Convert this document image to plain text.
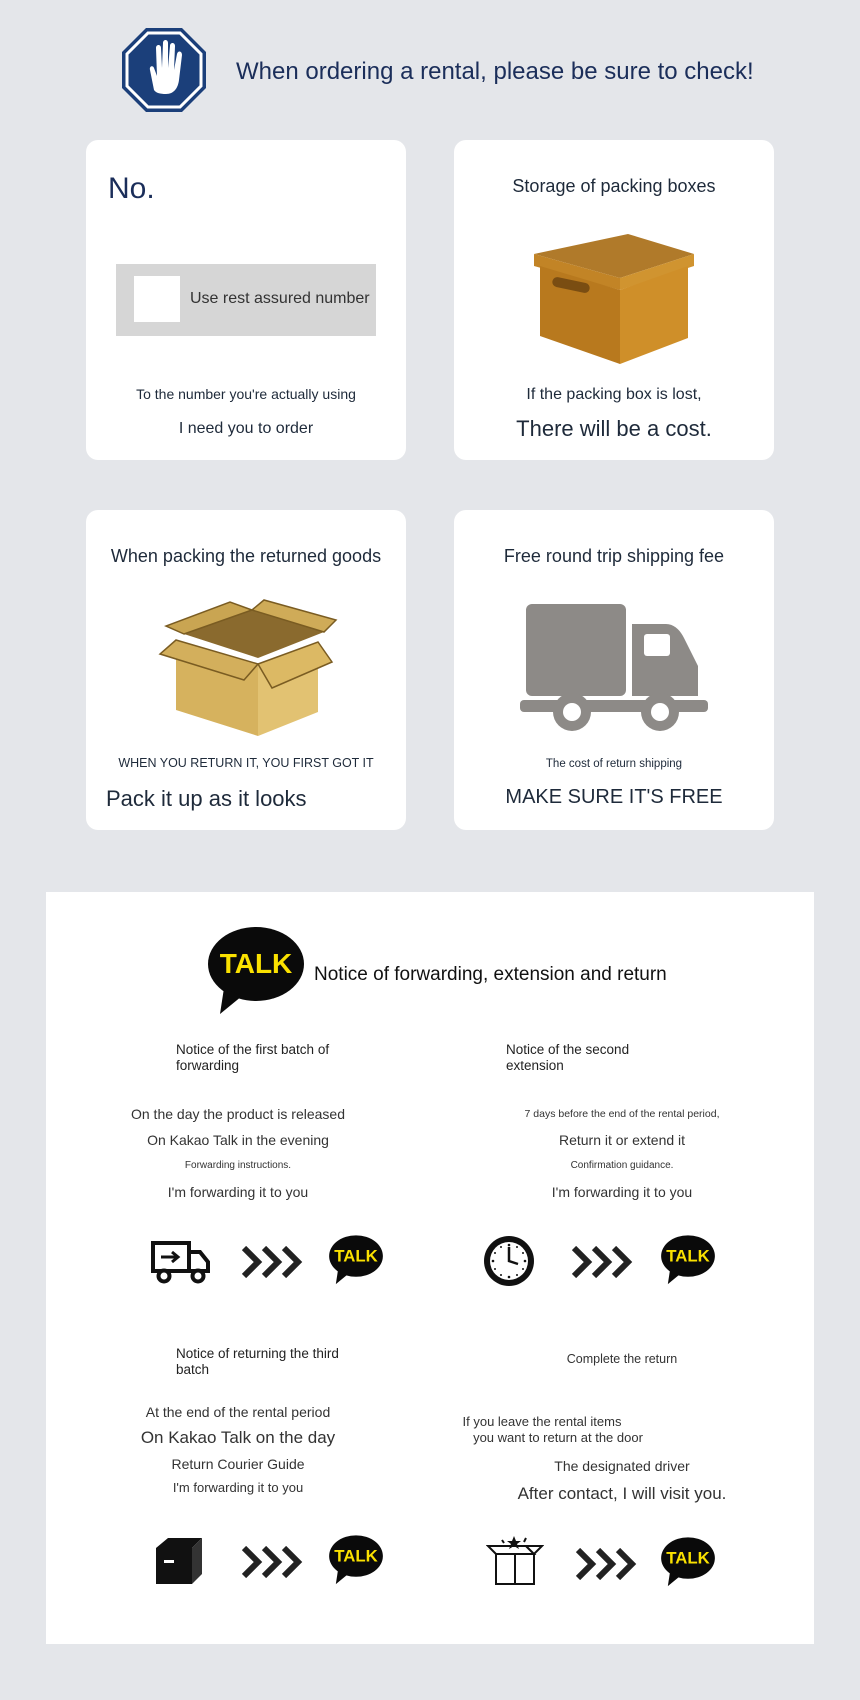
When ordering a rental, please be sure to check!
No.
Use rest assured number
To the number you're actually using
I need you to order
Storage of packing boxes
If the packing box is lost,
There will be a cost.
When packing the returned goods
WHEN YOU RETURN IT, YOU FIRST GOT IT
Pack it up as it looks
Free round trip shipping fee
The cost of return shipping
MAKE SURE IT'S FREE
TALK Notice of forwarding, extension and return
Notice of the first batch of forwarding
On the day the product is released
On Kakao Talk in the evening
Forwarding instructions.
I'm forwarding it to you
TALK
Notice of the second extension
7 days before the end of the rental period,
Return it or extend it
Confirmation guidance.
I'm forwarding it to you
TALK
Notice of returning the third batch
At the end of the rental period
On Kakao Talk on the day
Return Courier Guide
I'm forwarding it to you
TALK
Complete the return
If you leave the rental items
you want to return at the door
The designated driver
After contact, I will visit you.
TALK
